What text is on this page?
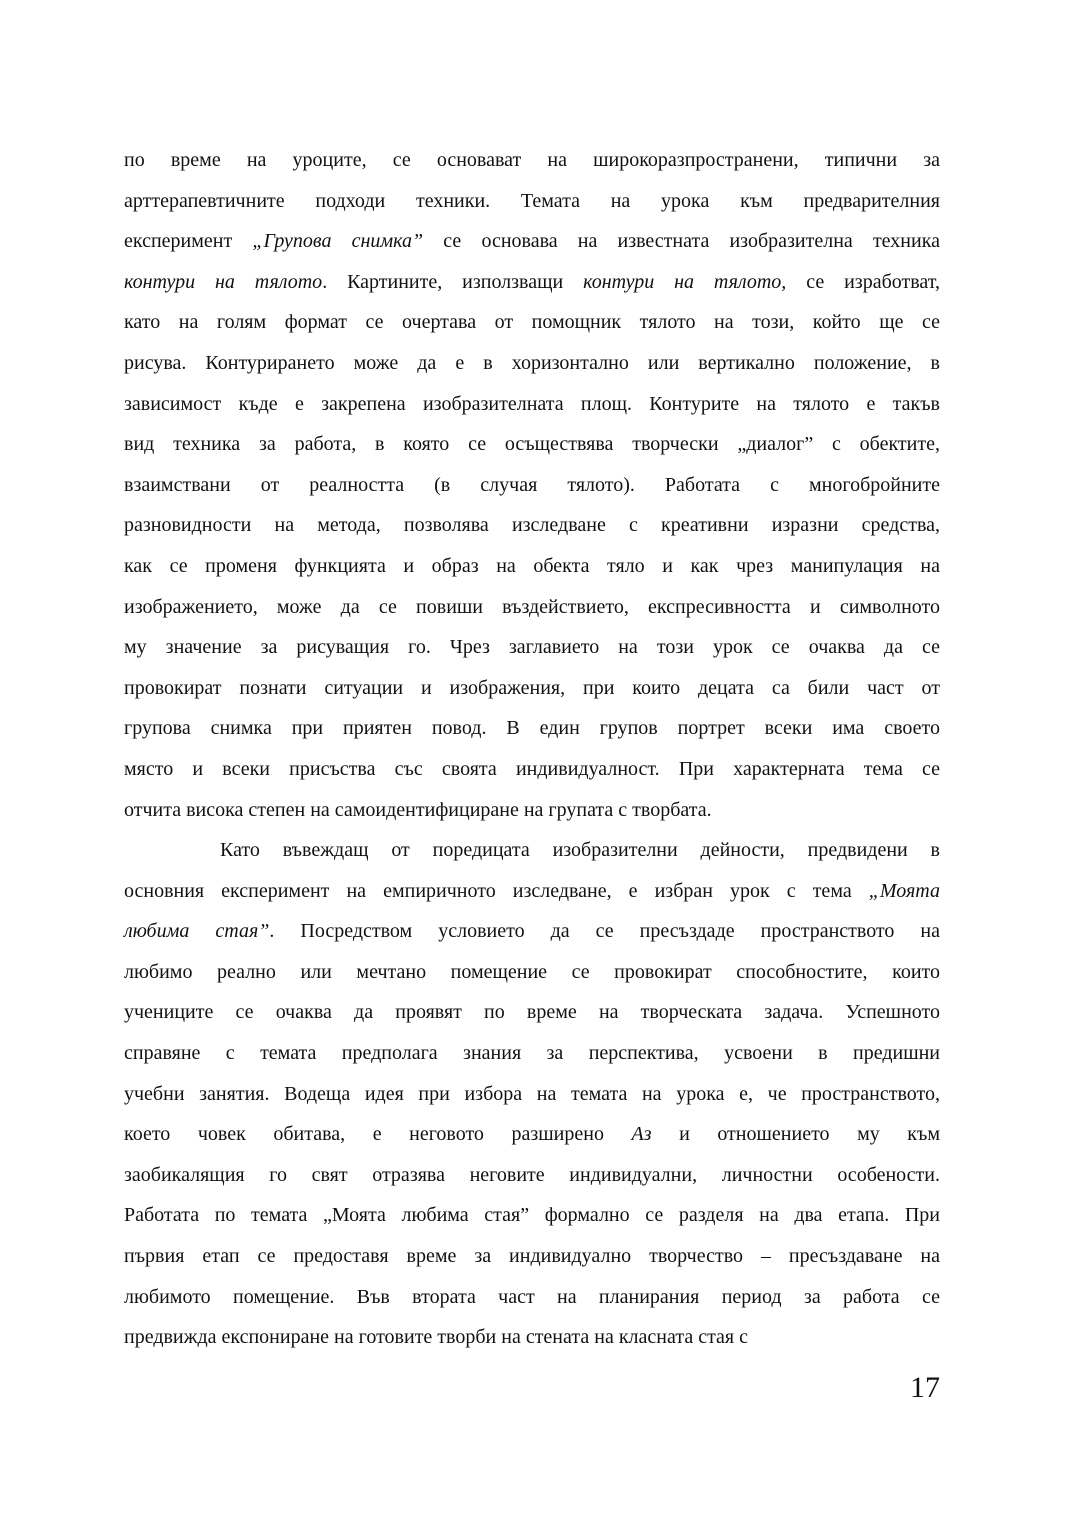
по време на уроците, се основават на широкоразпространени, типични за
арттерапевтичните подходи техники. Темата на урока към предварителния
експеримент „Групова снимка” се основава на известната изобразителна техника
контури на тялото. Картините, използващи контури на тялото, се изработват,
като на голям формат се очертава от помощник тялото на този, който ще се
рисува. Контурирането може да е в хоризонтално или вертикално положение, в
зависимост къде е закрепена изобразителната площ. Контурите на тялото е такъв
вид техника за работа, в която се осъществява творчески „диалог” с обектите,
взаимствани от реалността (в случая тялото). Работата с многобройните
разновидности на метода, позволява изследване с креативни изразни средства,
как се променя функцията и образ на обекта тяло и как чрез манипулация на
изображението, може да се повиши въздействието, експресивността и символното
му значение за рисуващия го. Чрез заглавието на този урок се очаква да се
провокират познати ситуации и изображения, при които децата са били част от
групова снимка при приятен повод. В един групов портрет всеки има своето
място и всеки присъства със своята индивидуалност. При характерната тема се
отчита висока степен на самоидентифициране на групата с творбата.
Като въвеждащ от поредицата изобразителни дейности, предвидени в
основния експеримент на емпиричното изследване, е избран урок с тема „Моята
любима стая”. Посредством условието да се пресъздаде пространството на
любимо реално или мечтано помещение се провокират способностите, които
учениците се очаква да проявят по време на творческата задача. Успешното
справяне с темата предполага знания за перспектива, усвоени в предишни
учебни занятия. Водеща идея при избора на темата на урока е, че пространството,
което човек обитава, е неговото разширено Аз и отношението му към
заобикалящия го свят отразява неговите индивидуални, личностни особености.
Работата по темата „Моята любима стая” формално се разделя на два етапа. При
първия етап се предоставя време за индивидуално творчество – пресъздаване на
любимото помещение. Във втората част на планирания период за работа се
предвижда експониране на готовите творби на стената на класната стая с
17
